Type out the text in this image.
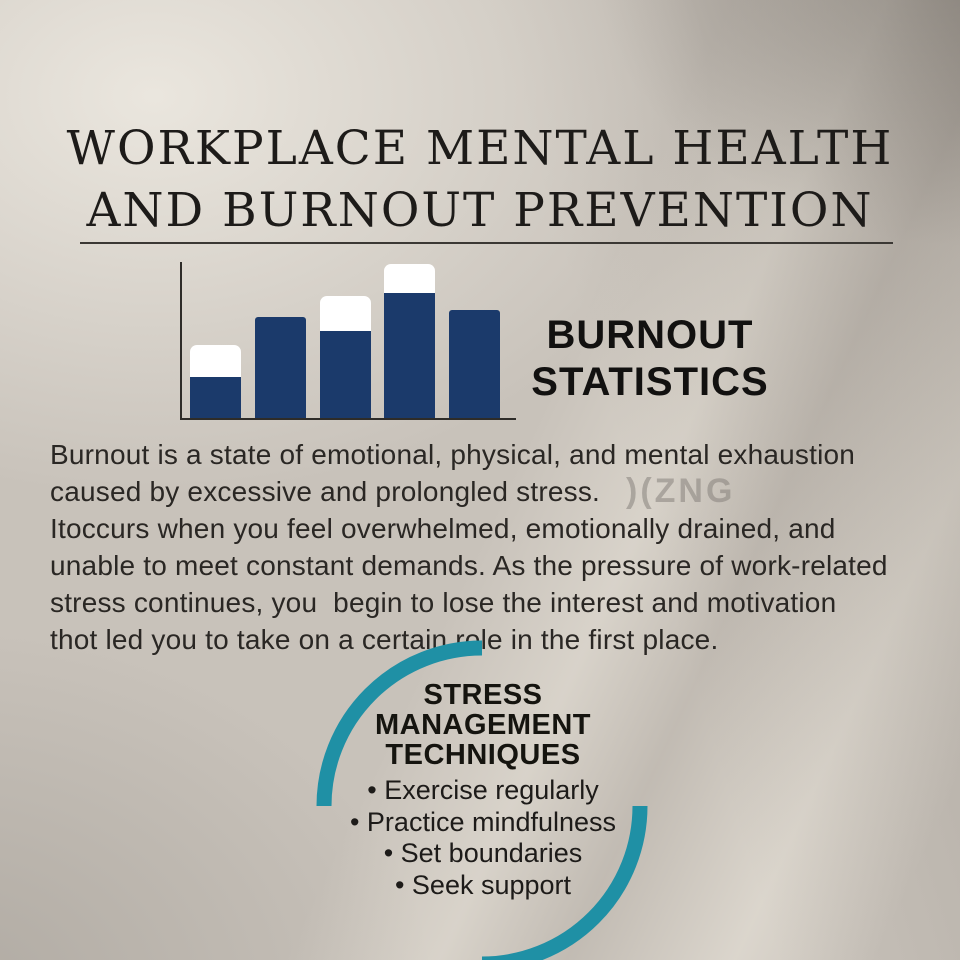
WORKPLACE MENTAL HEALTH
AND BURNOUT PREVENTION
BURNOUT
STATISTICS
Burnout is a state of emotional, physical, and mental exhaustion
caused by excessive and prolongled stress.
Itoccurs when you feel overwhelmed, emotionally drained, and
unable to meet constant demands. As the pressure of work-related
stress continues, you  begin to lose the interest and motivation
thot led you to take on a certain role in the first place.
)(ZNG
STRESS
MANAGEMENT
TECHNIQUES
• Exercise regularly
• Practice mindfulness
• Set boundaries
• Seek support
